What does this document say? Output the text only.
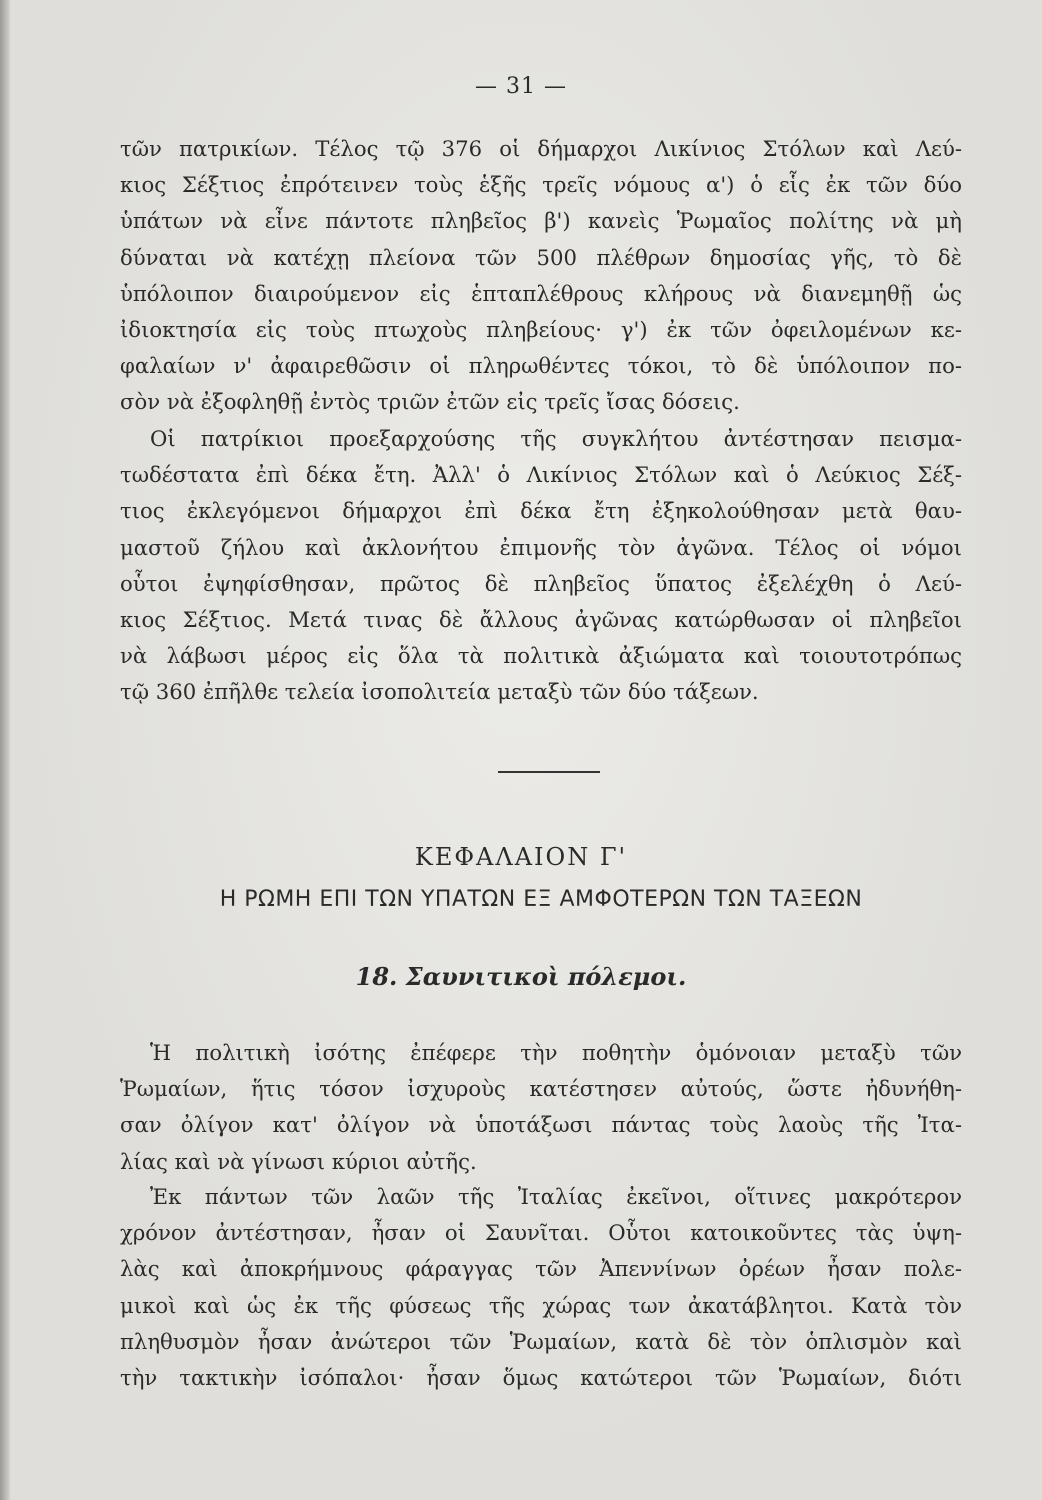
— 31 —
τῶν πατρικίων. Τέλος τῷ 376 οἱ δήμαρχοι Λικίνιος Στόλων καὶ Λεύ-
κιος Σέξτιος ἐπρότεινεν τοὺς ἑξῆς τρεῖς νόμους α') ὁ εἷς ἐκ τῶν δύο
ὑπάτων νὰ εἶνε πάντοτε πληβεῖος β') κανεὶς Ῥωμαῖος πολίτης νὰ μὴ
δύναται νὰ κατέχῃ πλείονα τῶν 500 πλέθρων δημοσίας γῆς, τὸ δὲ
ὑπόλοιπον διαιρούμενον εἰς ἑπταπλέθρους κλήρους νὰ διανεμηθῇ ὡς
ἰδιοκτησία εἰς τοὺς πτωχοὺς πληβείους· γ') ἐκ τῶν ὀφειλομένων κε-
φαλαίων ν' ἀφαιρεθῶσιν οἱ πληρωθέντες τόκοι, τὸ δὲ ὑπόλοιπον πο-
σὸν νὰ ἐξοφληθῇ ἐντὸς τριῶν ἐτῶν εἰς τρεῖς ἴσας δόσεις.
Οἱ πατρίκιοι προεξαρχούσης τῆς συγκλήτου ἀντέστησαν πεισμα-
τωδέστατα ἐπὶ δέκα ἔτη. Ἀλλ' ὁ Λικίνιος Στόλων καὶ ὁ Λεύκιος Σέξ-
τιος ἐκλεγόμενοι δήμαρχοι ἐπὶ δέκα ἔτη ἐξηκολούθησαν μετὰ θαυ-
μαστοῦ ζήλου καὶ ἀκλονήτου ἐπιμονῆς τὸν ἀγῶνα. Τέλος οἱ νόμοι
οὗτοι ἐψηφίσθησαν, πρῶτος δὲ πληβεῖος ὕπατος ἐξελέχθη ὁ Λεύ-
κιος Σέξτιος. Μετά τινας δὲ ἄλλους ἀγῶνας κατώρθωσαν οἱ πληβεῖοι
νὰ λάβωσι μέρος εἰς ὅλα τὰ πολιτικὰ ἀξιώματα καὶ τοιουτοτρόπως
τῷ 360 ἐπῆλθε τελεία ἰσοπολιτεία μεταξὺ τῶν δύο τάξεων.
ΚΕΦΑΛΑΙΟΝ Γ'
Η ΡΩΜΗ ΕΠΙ ΤΩΝ ΥΠΑΤΩΝ ΕΞ ΑΜΦΟΤΕΡΩΝ ΤΩΝ ΤΑΞΕΩΝ
18. Σαυνιτικοὶ πόλεμοι.
Ἡ πολιτικὴ ἰσότης ἐπέφερε τὴν ποθητὴν ὁμόνοιαν μεταξὺ τῶν
Ῥωμαίων, ἥτις τόσον ἰσχυροὺς κατέστησεν αὐτούς, ὥστε ἠδυνήθη-
σαν ὀλίγον κατ' ὀλίγον νὰ ὑποτάξωσι πάντας τοὺς λαοὺς τῆς Ἰτα-
λίας καὶ νὰ γίνωσι κύριοι αὐτῆς.
Ἐκ πάντων τῶν λαῶν τῆς Ἰταλίας ἐκεῖνοι, οἵτινες μακρότερον
χρόνον ἀντέστησαν, ἦσαν οἱ Σαυνῖται. Οὗτοι κατοικοῦντες τὰς ὑψη-
λὰς καὶ ἀποκρήμνους φάραγγας τῶν Ἀπεννίνων ὀρέων ἦσαν πολε-
μικοὶ καὶ ὡς ἐκ τῆς φύσεως τῆς χώρας των ἀκατάβλητοι. Κατὰ τὸν
πληθυσμὸν ἦσαν ἀνώτεροι τῶν Ῥωμαίων, κατὰ δὲ τὸν ὁπλισμὸν καὶ
τὴν τακτικὴν ἰσόπαλοι· ἦσαν ὅμως κατώτεροι τῶν Ῥωμαίων, διότι
